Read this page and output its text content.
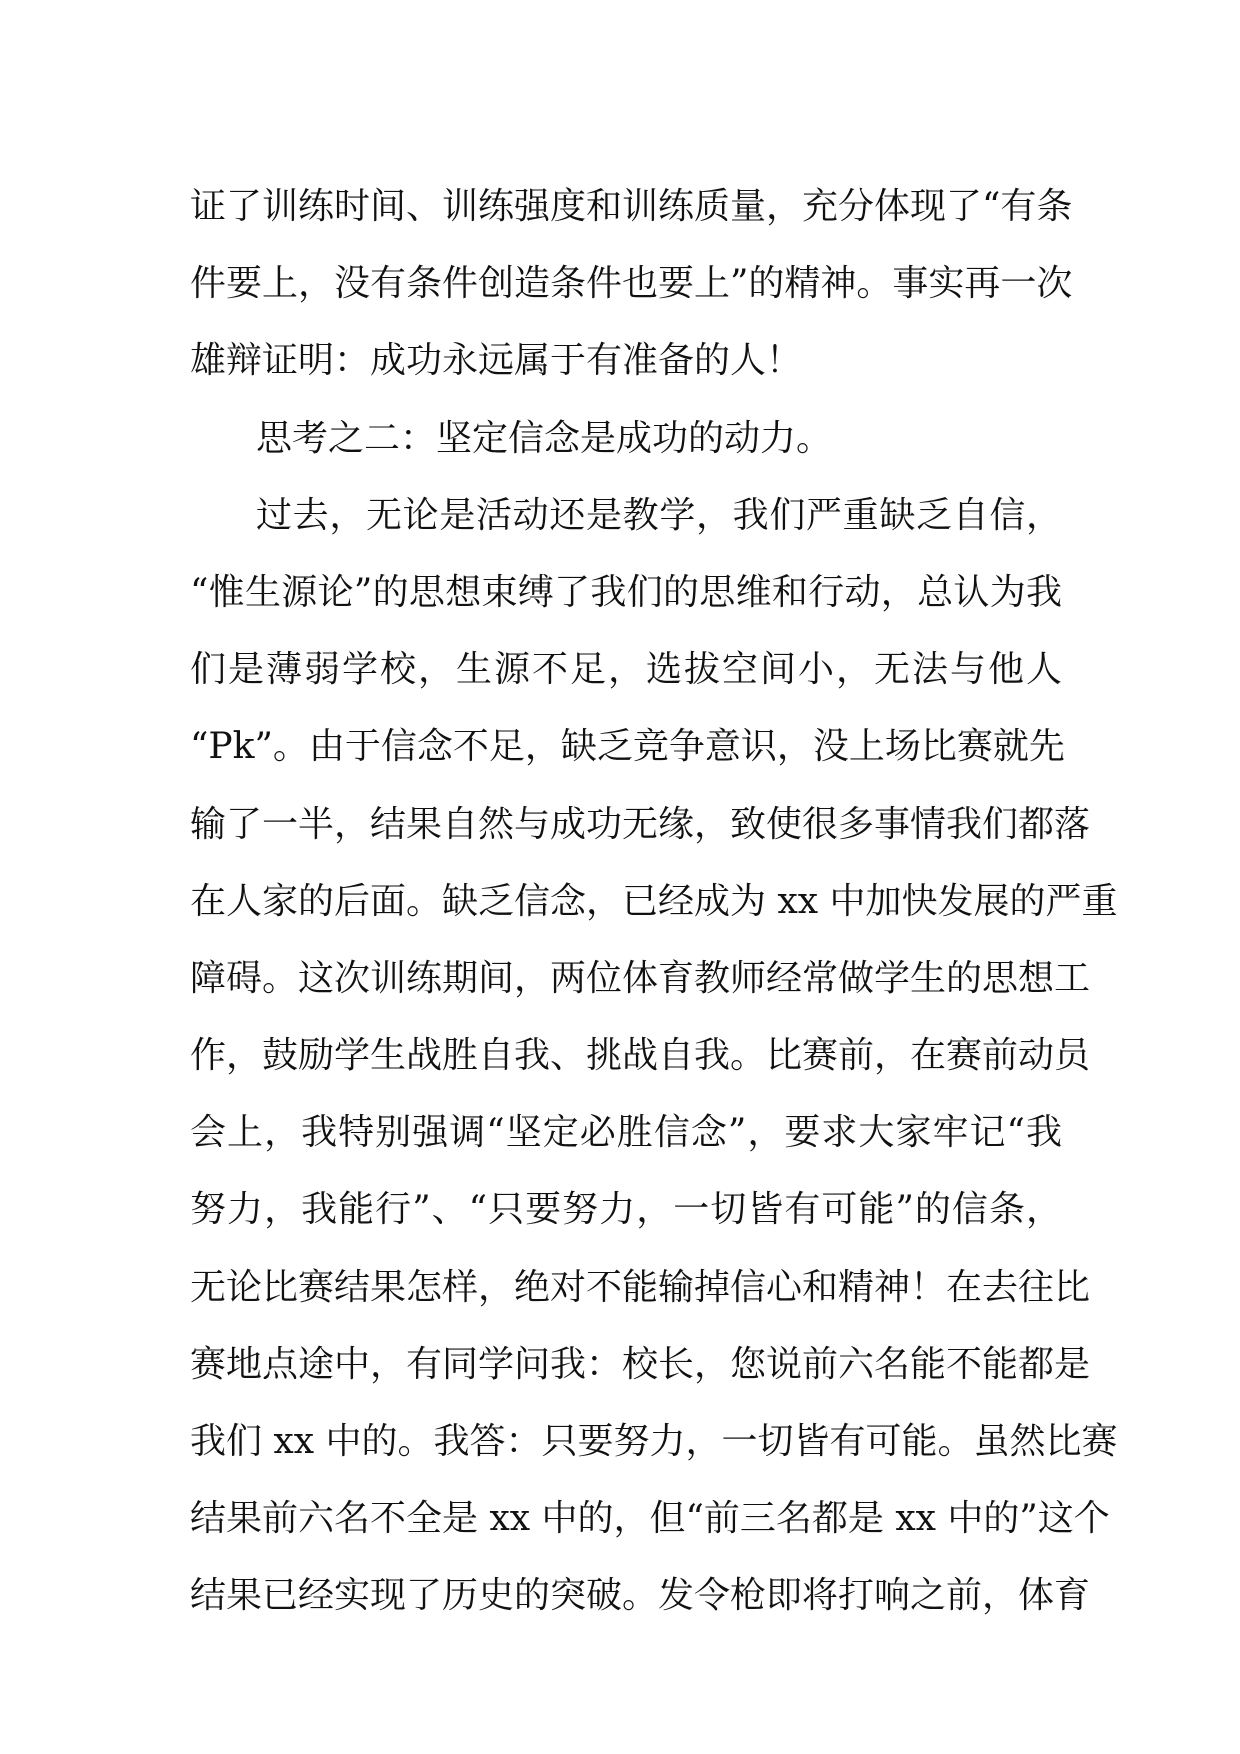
证了训练时间、训练强度和训练质量，充分体现了“有条
件要上，没有条件创造条件也要上”的精神。事实再一次
雄辩证明：成功永远属于有准备的人！
思考之二：坚定信念是成功的动力。
过去，无论是活动还是教学，我们严重缺乏自信，
“惟生源论”的思想束缚了我们的思维和行动，总认为我
们是薄弱学校，生源不足，选拔空间小，无法与他人
“Pk”。由于信念不足，缺乏竞争意识，没上场比赛就先
输了一半，结果自然与成功无缘，致使很多事情我们都落
在人家的后面。缺乏信念，已经成为 xx 中加快发展的严重
障碍。这次训练期间，两位体育教师经常做学生的思想工
作，鼓励学生战胜自我、挑战自我。比赛前，在赛前动员
会上，我特别强调“坚定必胜信念”，要求大家牢记“我
努力，我能行”、“只要努力，一切皆有可能”的信条，
无论比赛结果怎样，绝对不能输掉信心和精神！在去往比
赛地点途中，有同学问我：校长，您说前六名能不能都是
我们 xx 中的。我答：只要努力，一切皆有可能。虽然比赛
结果前六名不全是 xx 中的，但“前三名都是 xx 中的”这个
结果已经实现了历史的突破。发令枪即将打响之前，体育
